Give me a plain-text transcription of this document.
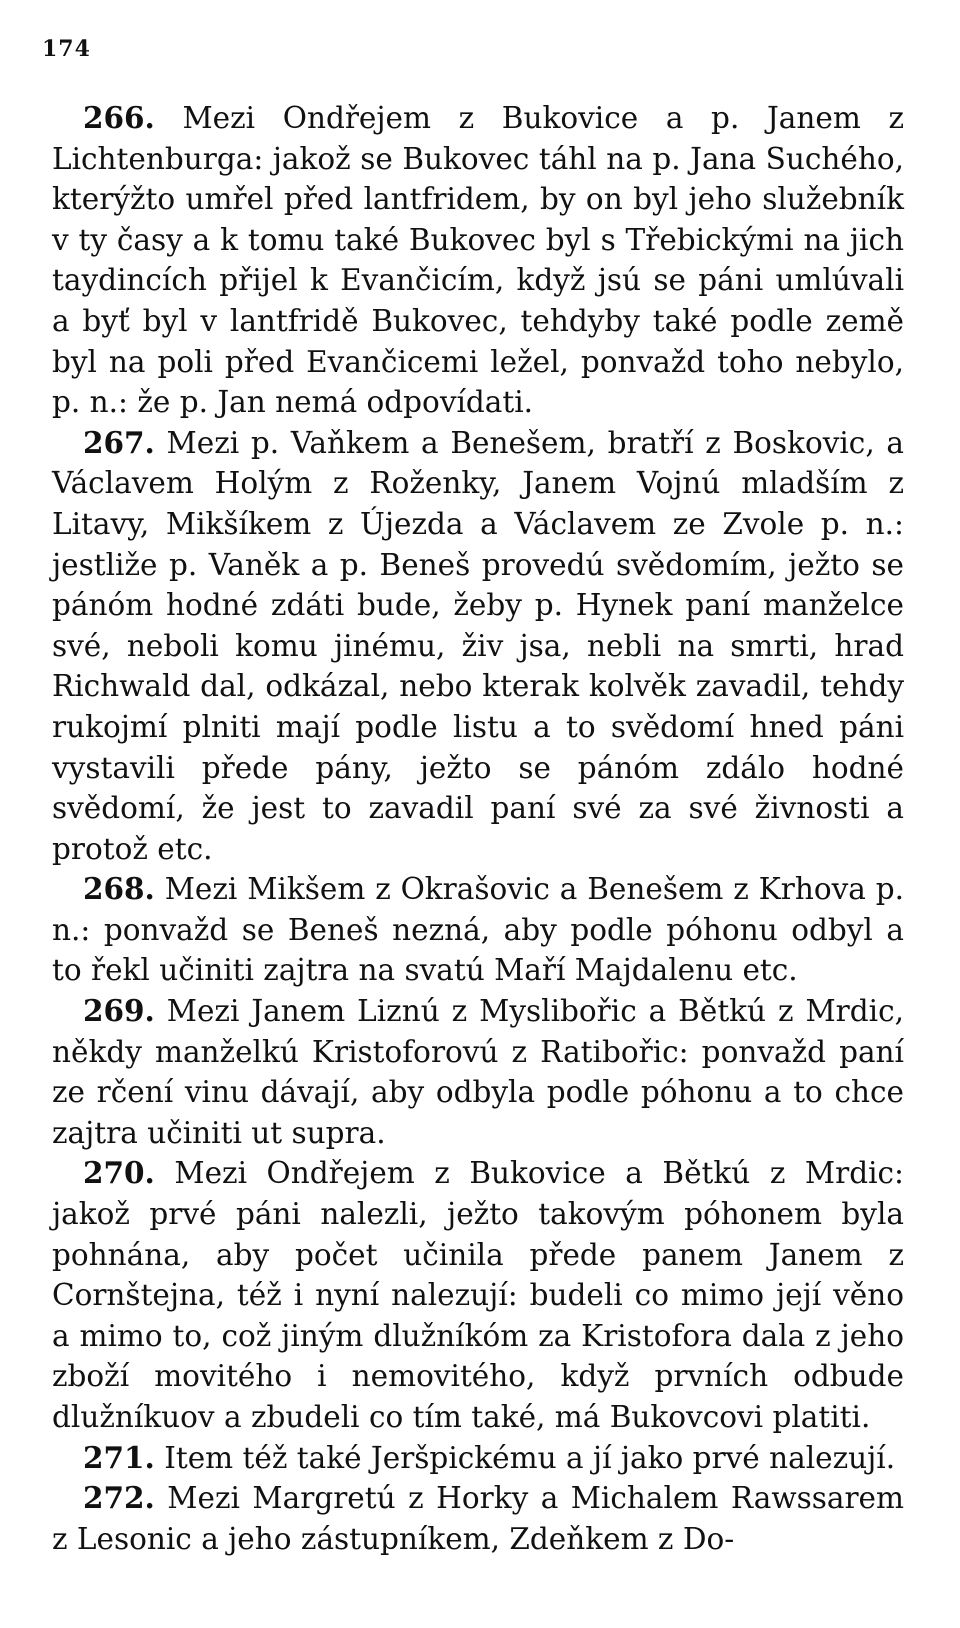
174

266. Mezi Ondřejem z Bukovice a p. Janem z Lichtenburga: jakož se Bukovec táhl na p. Jana Suchého, kterýžto umřel před lantfridem, by on byl jeho služebník v ty časy a k tomu také Bukovec byl s Třebickými na jich taydincích přijel k Evančicím, když jsú se páni umlúvali a byť byl v lantfridě Bukovec, tehdyby také podle země byl na poli před Evančicemi ležel, ponvažd toho nebylo, p. n.: že p. Jan nemá odpovídati.

267. Mezi p. Vaňkem a Benešem, bratří z Boskovic, a Václavem Holým z Roženky, Janem Vojnú mladším z Litavy, Mikšíkem z Újezda a Václavem ze Zvole p. n.: jestliže p. Vaněk a p. Beneš provedú svědomím, ježto se pánóm hodné zdáti bude, žeby p. Hynek paní manželce své, neboli komu jinému, živ jsa, nebli na smrti, hrad Richwald dal, odkázal, nebo kterak kolvěk zavadil, tehdy rukojmí plniti mají podle listu a to svědomí hned páni vystavili přede pány, ježto se pánóm zdálo hodné svědomí, že jest to zavadil paní své za své živnosti a protož etc.

268. Mezi Mikšem z Okrašovic a Benešem z Krhova p. n.: ponvažd se Beneš nezná, aby podle póhonu odbyl a to řekl učiniti zajtra na svatú Maří Majdalenu etc.

269. Mezi Janem Liznú z Myslibořic a Bětkú z Mrdic, někdy manželkú Kristoforovú z Ratibořic: ponvažd paní ze rčení vinu dávají, aby odbyla podle póhonu a to chce zajtra učiniti ut supra.

270. Mezi Ondřejem z Bukovice a Bětkú z Mrdic: jakož prvé páni nalezli, ježto takovým póhonem byla pohnána, aby počet učinila přede panem Janem z Cornštejna, též i nyní nalezují: budeli co mimo její věno a mimo to, což jiným dlužníkóm za Kristofora dala z jeho zboží movitého i nemovitého, když prvních odbude dlužníkuov a zbudeli co tím také, má Bukovcovi platiti.

271. Item též také Jeršpickému a jí jako prvé nalezují.

272. Mezi Margretú z Horky a Michalem Rawssarem z Lesonic a jeho zástupníkem, Zdeňkem z Do-
